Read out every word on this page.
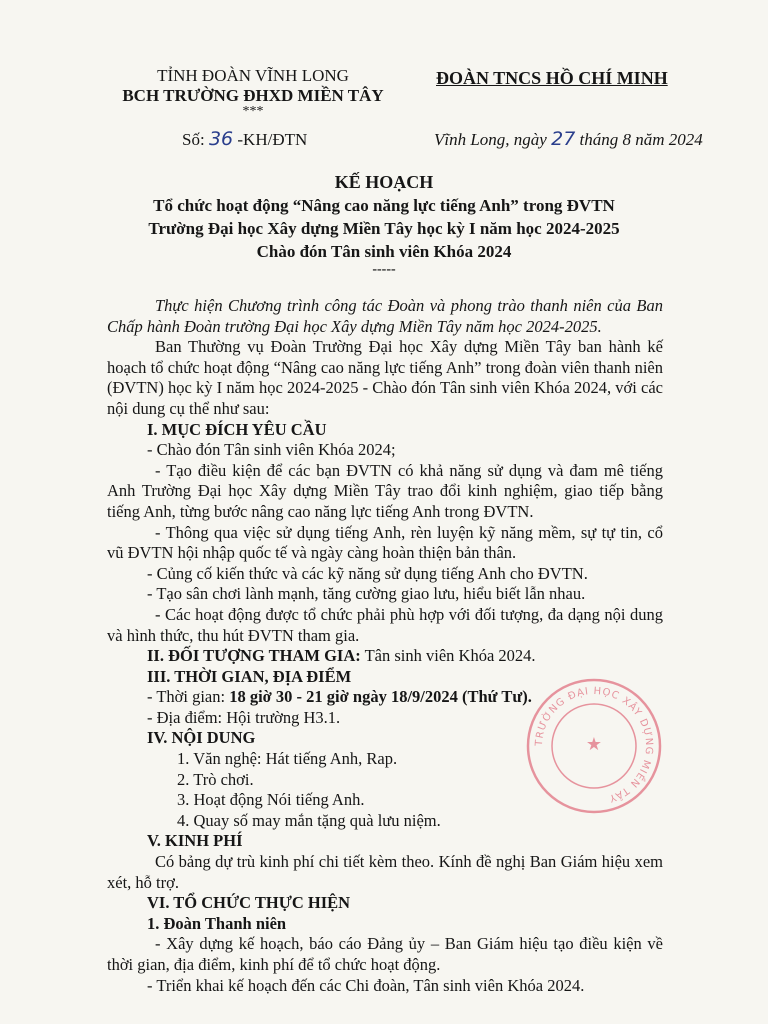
TỈNH ĐOÀN VĨNH LONG
BCH TRƯỜNG ĐHXD MIỀN TÂY
***
ĐOÀN TNCS HỒ CHÍ MINH
Số: 36 -KH/ĐTN	Vĩnh Long, ngày 27 tháng 8 năm 2024
KẾ HOẠCH
Tổ chức hoạt động “Nâng cao năng lực tiếng Anh” trong ĐVTN
Trường Đại học Xây dựng Miền Tây học kỳ I năm học 2024-2025
Chào đón Tân sinh viên Khóa 2024
-----

Thực hiện Chương trình công tác Đoàn và phong trào thanh niên của Ban Chấp hành Đoàn trường Đại học Xây dựng Miền Tây năm học 2024-2025.

Ban Thường vụ Đoàn Trường Đại học Xây dựng Miền Tây ban hành kế hoạch tổ chức hoạt động “Nâng cao năng lực tiếng Anh” trong đoàn viên thanh niên (ĐVTN) học kỳ I năm học 2024-2025 - Chào đón Tân sinh viên Khóa 2024, với các nội dung cụ thể như sau:

I. MỤC ĐÍCH YÊU CẦU

- Chào đón Tân sinh viên Khóa 2024;

- Tạo điều kiện để các bạn ĐVTN có khả năng sử dụng và đam mê tiếng Anh Trường Đại học Xây dựng Miền Tây trao đổi kinh nghiệm, giao tiếp bằng tiếng Anh, từng bước nâng cao năng lực tiếng Anh trong ĐVTN.

- Thông qua việc sử dụng tiếng Anh, rèn luyện kỹ năng mềm, sự tự tin, cổ vũ ĐVTN hội nhập quốc tế và ngày càng hoàn thiện bản thân.

- Củng cố kiến thức và các kỹ năng sử dụng tiếng Anh cho ĐVTN.

- Tạo sân chơi lành mạnh, tăng cường giao lưu, hiểu biết lẫn nhau.

- Các hoạt động được tổ chức phải phù hợp với đối tượng, đa dạng nội dung và hình thức, thu hút ĐVTN tham gia.

II. ĐỐI TƯỢNG THAM GIA: Tân sinh viên Khóa 2024.

III. THỜI GIAN, ĐỊA ĐIỂM

- Thời gian: 18 giờ 30 - 21 giờ ngày 18/9/2024 (Thứ Tư).

- Địa điểm: Hội trường H3.1.

IV. NỘI DUNG

1. Văn nghệ: Hát tiếng Anh, Rap.

2. Trò chơi.

3. Hoạt động Nói tiếng Anh.

4. Quay số may mắn tặng quà lưu niệm.

V. KINH PHÍ

Có bảng dự trù kinh phí chi tiết kèm theo. Kính đề nghị Ban Giám hiệu xem xét, hỗ trợ.

VI. TỔ CHỨC THỰC HIỆN

1. Đoàn Thanh niên

- Xây dựng kế hoạch, báo cáo Đảng ủy – Ban Giám hiệu tạo điều kiện về thời gian, địa điểm, kinh phí để tổ chức hoạt động.

- Triển khai kế hoạch đến các Chi đoàn, Tân sinh viên Khóa 2024.

TRƯỜNG ĐẠI HỌC XÂY DỰNG MIỀN TÂY
★
